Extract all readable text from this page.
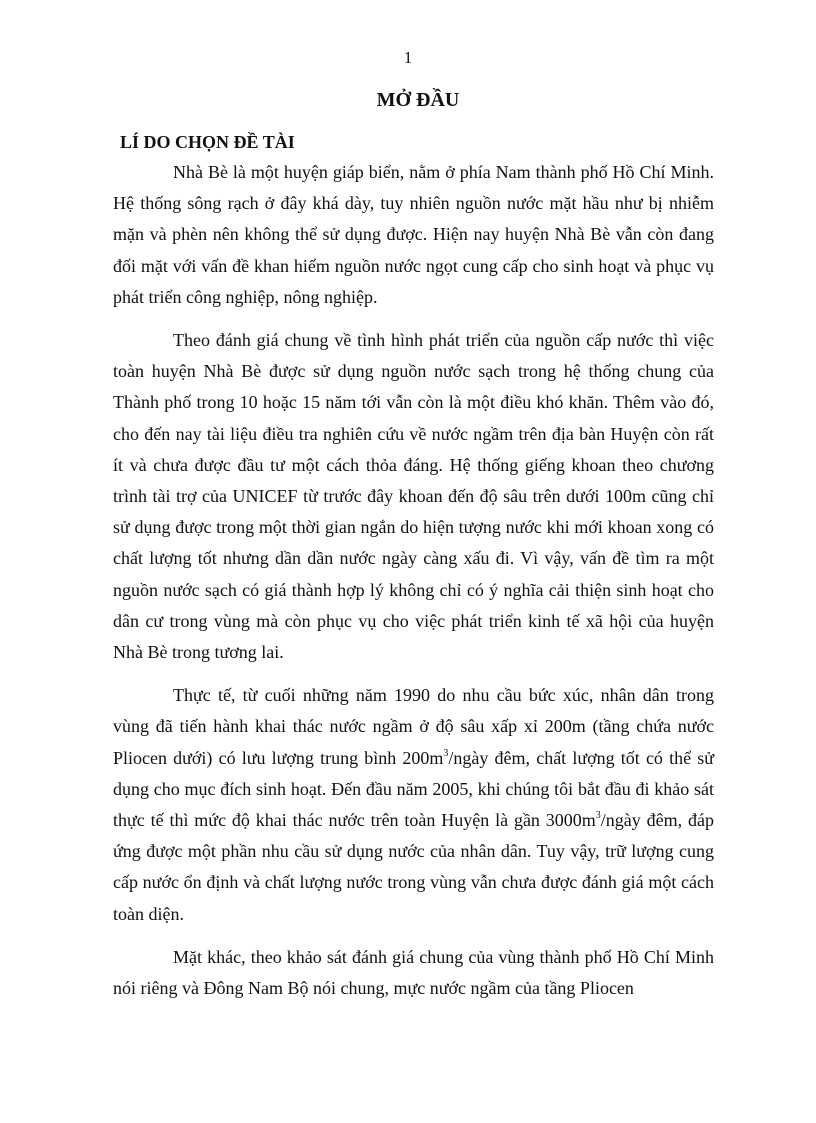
1
MỞ ĐẦU
LÍ DO CHỌN ĐỀ TÀI

Nhà Bè là một huyện giáp biển, nằm ở phía Nam thành phố Hồ Chí Minh. Hệ thống sông rạch ở đây khá dày, tuy nhiên nguồn nước mặt hầu như bị nhiễm mặn và phèn nên không thể sử dụng được. Hiện nay huyện Nhà Bè vẫn còn đang đối mặt với vấn đề khan hiếm nguồn nước ngọt cung cấp cho sinh hoạt và phục vụ phát triển công nghiệp, nông nghiệp.

Theo đánh giá chung về tình hình phát triển của nguồn cấp nước thì việc toàn huyện Nhà Bè được sử dụng nguồn nước sạch trong hệ thống chung của Thành phố trong 10 hoặc 15 năm tới vẫn còn là một điều khó khăn. Thêm vào đó, cho đến nay tài liệu điều tra nghiên cứu về nước ngầm trên địa bàn Huyện còn rất ít và chưa được đầu tư một cách thỏa đáng. Hệ thống giếng khoan theo chương trình tài trợ của UNICEF từ trước đây khoan đến độ sâu trên dưới 100m cũng chỉ sử dụng được trong một thời gian ngắn do hiện tượng nước khi mới khoan xong có chất lượng tốt nhưng dần dần nước ngày càng xấu đi. Vì vậy, vấn đề tìm ra một nguồn nước sạch có giá thành hợp lý không chỉ có ý nghĩa cải thiện sinh hoạt cho dân cư trong vùng mà còn phục vụ cho việc phát triển kinh tế xã hội của huyện Nhà Bè trong tương lai.

Thực tế, từ cuối những năm 1990 do nhu cầu bức xúc, nhân dân trong vùng đã tiến hành khai thác nước ngầm ở độ sâu xấp xỉ 200m (tầng chứa nước Pliocen dưới) có lưu lượng trung bình $200m^3$/ngày đêm, chất lượng tốt có thể sử dụng cho mục đích sinh hoạt. Đến đầu năm 2005, khi chúng tôi bắt đầu đi khảo sát thực tế thì mức độ khai thác nước trên toàn Huyện là gần $3000m^3$/ngày đêm, đáp ứng được một phần nhu cầu sử dụng nước của nhân dân. Tuy vậy, trữ lượng cung cấp nước ổn định và chất lượng nước trong vùng vẫn chưa được đánh giá một cách toàn diện.

Mặt khác, theo khảo sát đánh giá chung của vùng thành phố Hồ Chí Minh nói riêng và Đông Nam Bộ nói chung, mực nước ngầm của tầng Pliocen
